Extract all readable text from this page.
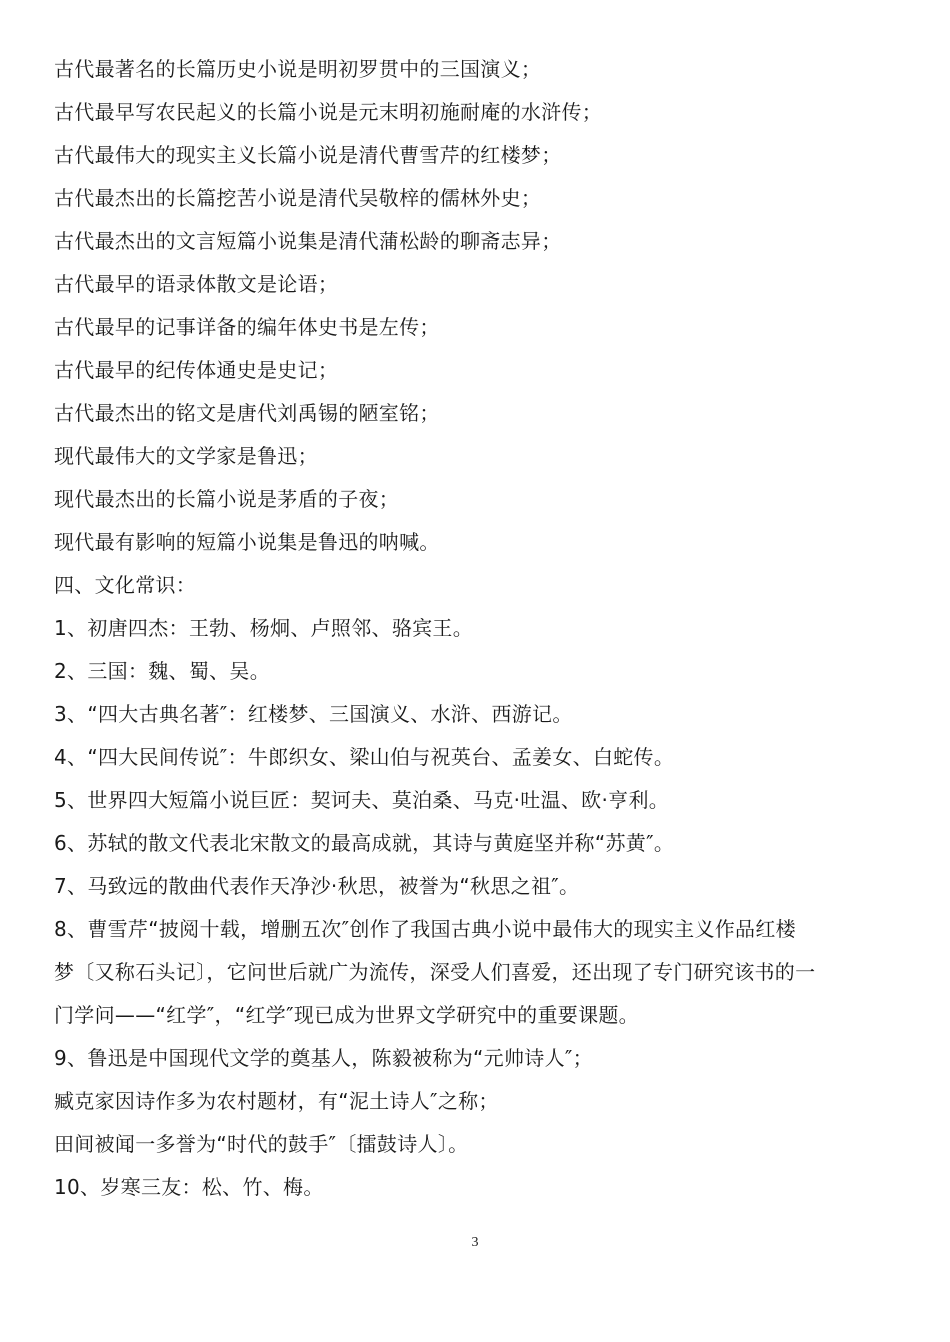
古代最著名的长篇历史小说是明初罗贯中的三国演义；
古代最早写农民起义的长篇小说是元末明初施耐庵的水浒传；
古代最伟大的现实主义长篇小说是清代曹雪芹的红楼梦；
古代最杰出的长篇挖苦小说是清代吴敬梓的儒林外史；
古代最杰出的文言短篇小说集是清代蒲松龄的聊斋志异；
古代最早的语录体散文是论语；
古代最早的记事详备的编年体史书是左传；
古代最早的纪传体通史是史记；
古代最杰出的铭文是唐代刘禹锡的陋室铭；
现代最伟大的文学家是鲁迅；
现代最杰出的长篇小说是茅盾的子夜；
现代最有影响的短篇小说集是鲁迅的呐喊。
四、文化常识：
1、初唐四杰：王勃、杨炯、卢照邻、骆宾王。
2、三国：魏、蜀、吴。
3、“四大古典名著″：红楼梦、三国演义、水浒、西游记。
4、“四大民间传说″：牛郎织女、梁山伯与祝英台、孟姜女、白蛇传。
5、世界四大短篇小说巨匠：契诃夫、莫泊桑、马克·吐温、欧·亨利。
6、苏轼的散文代表北宋散文的最高成就，其诗与黄庭坚并称“苏黄″。
7、马致远的散曲代表作天净沙·秋思，被誉为“秋思之祖″。
8、曹雪芹“披阅十载，增删五次″创作了我国古典小说中最伟大的现实主义作品红楼
梦〔又称石头记〕，它问世后就广为流传，深受人们喜爱，还出现了专门研究该书的一
门学问——“红学″，“红学″现已成为世界文学研究中的重要课题。
9、鲁迅是中国现代文学的奠基人，陈毅被称为“元帅诗人″；
臧克家因诗作多为农村题材，有“泥土诗人″之称；
田间被闻一多誉为“时代的鼓手″〔擂鼓诗人〕。
10、岁寒三友：松、竹、梅。
3
